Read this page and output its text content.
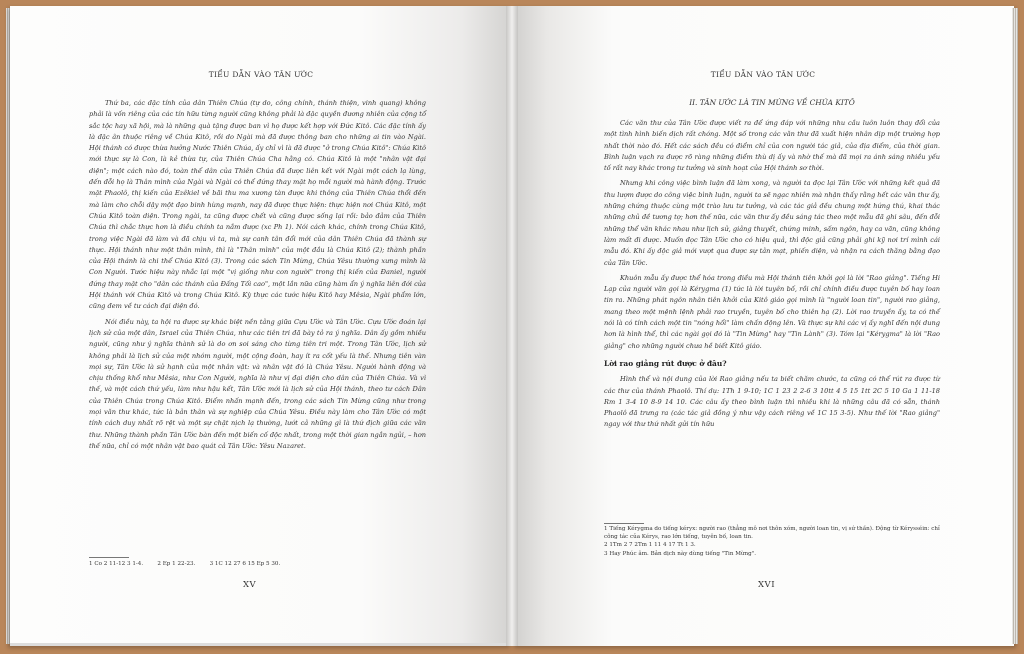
TIỂU DẪN VÀO TÂN ƯỚC

Thứ ba, các đặc tính của dân Thiên Chúa (tự do, công chính, thánh thiện, vinh quang) không phải là vốn riêng của các tín hữu từng người cũng không phải là đặc quyền đương nhiên của cộng tổ sắc tộc hay xã hội, mà là những quà tặng được ban vì họ được kết hợp với Đức Kitô. Các đặc tính ấy là đặc ân thuộc riêng về Chúa Kitô, rồi do Ngài mà đã được thông ban cho những ai tin vào Ngài. Hội thánh có được thừa hưởng Nước Thiên Chúa, ấy chỉ vì là đã được "ở trong Chúa Kitô": Chúa Kitô mới thực sự là Con, là kẻ thừa tự, của Thiên Chúa Cha hằng có. Chúa Kitô là một "nhân vật đại diện"; một cách nào đó, toàn thể dân của Thiên Chúa đã được liên kết với Ngài một cách lạ lùng, đến đỗi họ là Thân mình của Ngài và Ngài có thể đứng thay mặt họ mỗi người mà hành động. Trước mặt Phaolô, thị kiến của Ezêkiel về bãi thu ma xương tàn được khi thông của Thiên Chúa thổi đến mà làm cho chỗi dậy một đạo binh hùng mạnh, nay đã được thực hiện: thực hiện nơi Chúa Kitô, một Chúa Kitô toàn diện. Trong ngài, ta cũng được chết và cũng được sống lại rồi: bảo đảm của Thiên Chúa thì chắc thực hơn là điều chính ta nắm được (xc Ph 1). Nói cách khác, chính trong Chúa Kitô, trong việc Ngài đã làm và đã chịu vì ta, mà sự canh tân đổi mới của dân Thiên Chúa đã thành sự thực. Hội thánh như một thân mình, thì là "Thân mình" của một đầu là Chúa Kitô (2); thành phần của Hội thánh là chi thể Chúa Kitô (3). Trong các sách Tin Mừng, Chúa Yêsu thường xưng mình là Con Người. Tước hiệu này nhắc lại một "vị giống như con người" trong thị kiến của Đaniel, người đứng thay mặt cho "dân các thánh của Đấng Tối cao", một lần nữa cũng hàm ẩn ý nghĩa liên đới của Hội thánh với Chúa Kitô và trong Chúa Kitô. Kỳ thực các tước hiệu Kitô hay Mêsia, Ngài phẩm lớn, cũng đem về tư cách đại diện đó.

Nói điều này, ta hội ra được sự khác biệt nền tảng giữa Cựu Ước và Tân Ước. Cựu Ước đoán lại lịch sử của một dân, Israel của Thiên Chúa, như các tiên tri đã bày tỏ ra ý nghĩa. Dân ấy gồm nhiều người, cũng như ý nghĩa thành sử là do ơn soi sáng cho từng tiên tri một. Trong Tân Ước, lịch sử không phải là lịch sử của một nhóm người, một cộng đoàn, hay ít ra cốt yếu là thế. Nhưng tiên vàn mọi sự, Tân Ước là sử hạnh của một nhân vật: và nhân vật đó là Chúa Yêsu. Người hành động và chịu thống khổ như Mêsia, như Con Người, nghĩa là như vị đại diện cho dân của Thiên Chúa. Và vì thế, và một cách thứ yếu, làm như hậu kết, Tân Ước mới là lịch sử của Hội thánh, theo tư cách Dân của Thiên Chúa trong Chúa Kitô. Điểm nhấn mạnh đến, trong các sách Tin Mừng cũng như trong mọi văn thư khác, tức là bản thân và sự nghiệp của Chúa Yêsu. Điều này làm cho Tân Ước có một tính cách duy nhất rõ rệt và một sự chặt nịch lạ thường, lướt cả những gì là thứ địch giữa các văn thư. Những thành phần Tân Ước bàn đến một biến cố độc nhất, trong một thời gian ngắn ngủi, – hơn thế nữa, chỉ có một nhân vật bao quát cả Tân Ước: Yêsu Nazaret.

1 Co 2 11-12 3 1-4.        2 Ep 1 22-23.        3 1C 12 27 6 15 Ep 5 30.
XV
TIỂU DẪN VÀO TÂN ƯỚC
II. TÂN ƯỚC LÀ TIN MỪNG VỀ CHÚA KITÔ

Các văn thư của Tân Ước được viết ra để ứng đáp với những nhu cầu luôn luôn thay đổi của một tình hình biến dịch rất chóng. Một số trong các văn thư đã xuất hiện nhân dịp một trường hợp nhất thời nào đó. Hết các sách đều có điểm chỉ của con người tác giả, của địa điểm, của thời gian. Bình luận vạch ra được rõ ràng những điểm thù dị ấy và nhờ thế mà đã mọi ra ánh sáng nhiều yếu tố rất nay khác trong tư tưởng và sinh hoạt của Hội thánh sơ thời.

Nhưng khi công việc bình luận đã làm xong, và người ta đọc lại Tân Ước với những kết quả đã thu lượm được do công việc bình luận, người ta sẽ ngạc nhiên mà nhận thấy rằng hết các văn thư ấy, những chứng thuộc cùng một trào lưu tư tưởng, và các tác giả đều chung một hứng thú, khai thác những chủ đề tương tợ; hơn thế nữa, các văn thư ấy đều sáng tác theo một mẫu đã ghi sâu, đến đỗi những thể văn khác nhau như lịch sử, giảng thuyết, chứng minh, sấm ngôn, hay ca vãn, cũng không làm mất đi được. Muốn đọc Tân Ước cho có hiệu quả, thì độc giả cũng phải ghi kỹ nơi trí mình cái mẫu đó. Khi ấy độc giả mới vượt qua được sự tản mạt, phiến diện, và nhận ra cách thăng bằng đạo của Tân Ước.

Khuôn mẫu ấy được thể hóa trong điều mà Hội thánh tiên khởi gọi là lời "Rao giảng". Tiếng Hi Lạp của người văn gọi là Kérygma (1) tức là lời tuyên bố, rồi chỉ chính điều được tuyên bố hay loan tin ra. Những phát ngôn nhân tiên khởi của Kitô giáo gọi mình là "người loan tin", người rao giảng, mang theo một mệnh lệnh phải rao truyền, tuyên bố cho thiên hạ (2). Lời rao truyền ấy, ta có thể nói là có tính cách một tin "nóng hổi" làm chấn động lên. Và thực sự khi các vị ấy nghĩ đến nội dung hơn là hình thể, thì các ngài gọi đó là "Tin Mừng" hay "Tin Lành" (3). Tóm lại "Kérygma" là lời "Rao giảng" cho những người chưa hề biết Kitô giáo.

Lời rao giảng rút được ở đâu?

Hình thể và nội dung của lời Rao giảng nếu ta biết chăm chước, ta cũng có thể rút ra được từ các thư của thánh Phaolô. Thí dụ: 1Th 1 9-10; 1C 1 23 2 2-6 3 10tt 4 5 15 1tt 2C 5 10 Ga 1 11-18 Rm 1 3-4 10 8-9 14 10. Các câu ấy theo bình luận thì nhiều khi là những câu đã có sẵn, thánh Phaolô đã trưng ra (các tác giả đồng ý như vậy cách riêng về 1C 15 3-5). Như thế lời "Rao giảng" ngay với thư thứ nhất gửi tín hữu

1 Tiếng Kérygma do tiếng kéryx: người rao (thẳng mô nơi thôn xóm, người loan tin, vị sứ thần). Động từ Kérysséin: chỉ công tác của Kérys, rao lớn tiếng, tuyên bố, loan tin.
2 1Tm 2 7 2Tm 1 11 4 17 Tt 1 3.
3 Hay Phúc âm. Bản dịch này dùng tiếng "Tin Mừng".
XVI
